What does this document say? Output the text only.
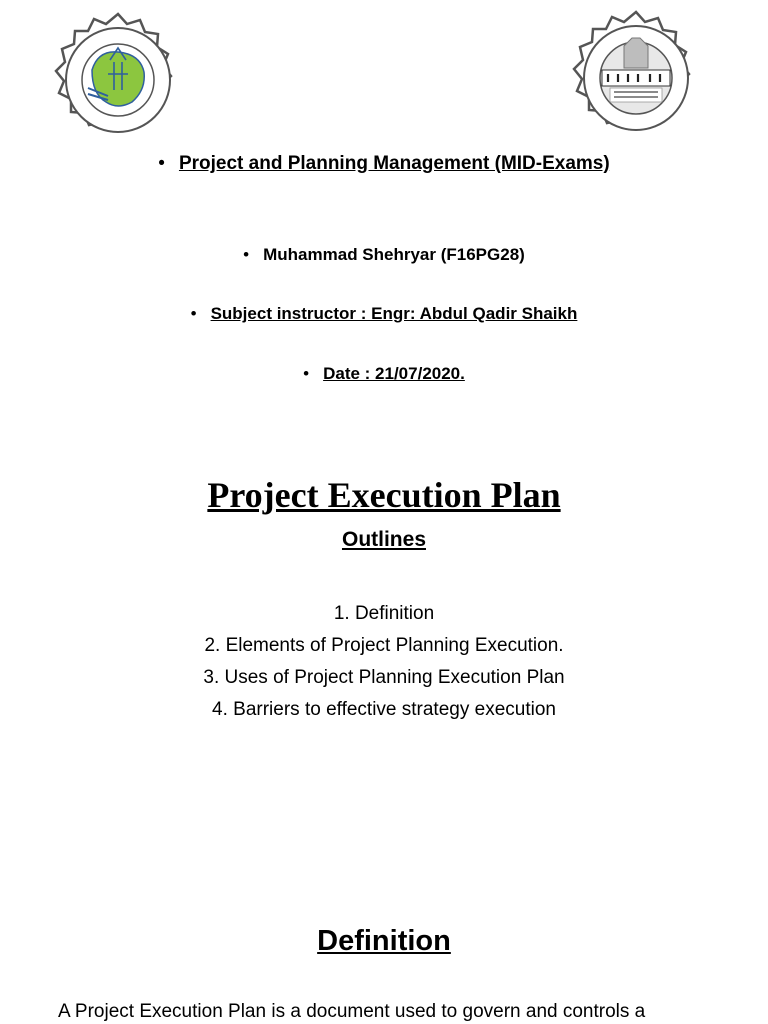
• Project and Planning Management (MID-Exams)
• Muhammad Shehryar (F16PG28)
• Subject instructor : Engr: Abdul Qadir Shaikh
• Date : 21/07/2020.
Project Execution Plan
Outlines
1. Definition
2. Elements of Project Planning Execution.
3. Uses of Project Planning Execution Plan
4. Barriers to effective strategy execution
Definition
A Project Execution Plan is a document used to govern and controls a
